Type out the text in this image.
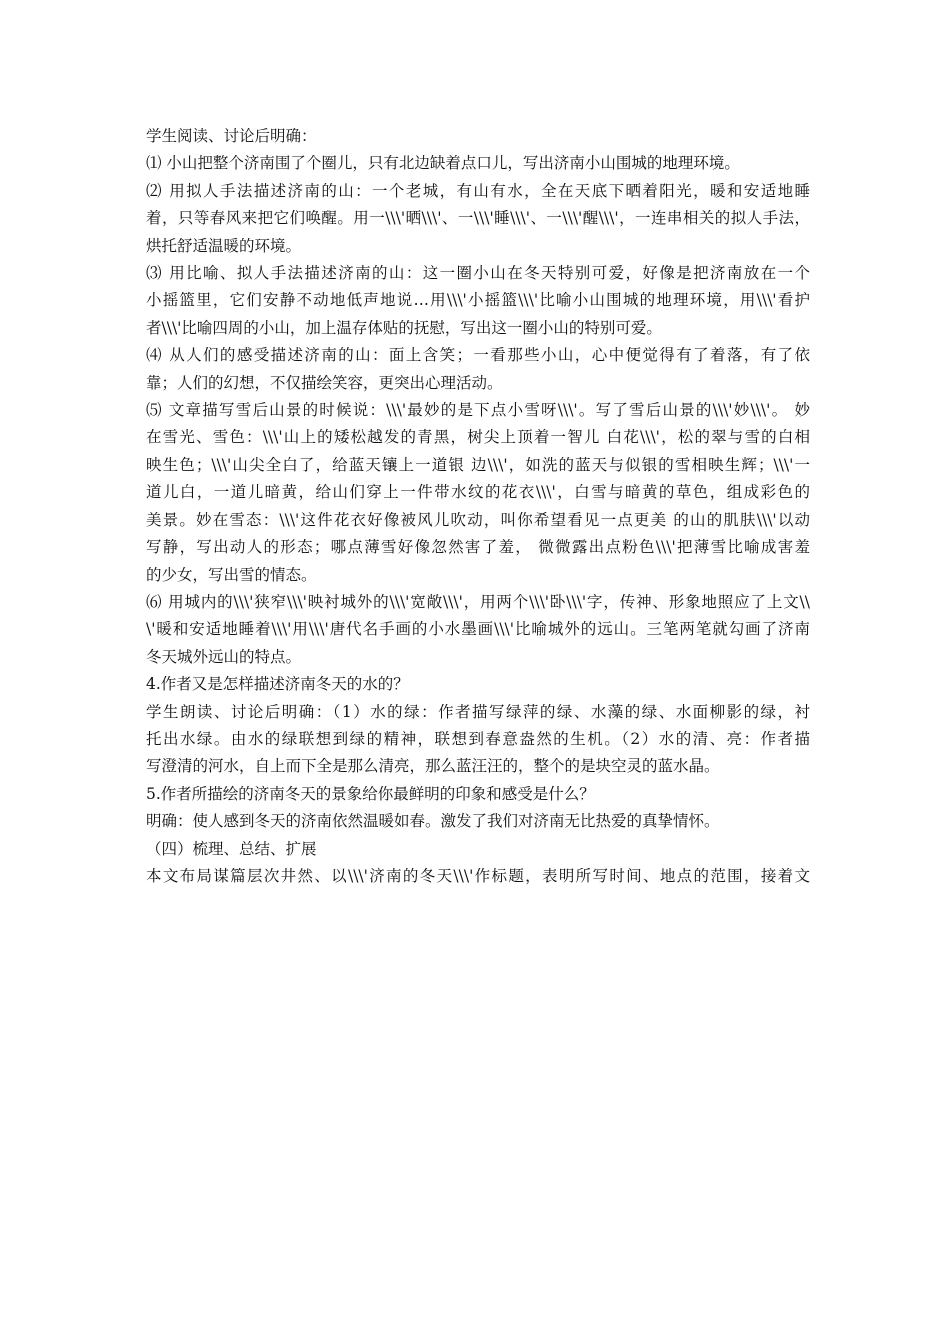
学生阅读、讨论后明确：
⑴ 小山把整个济南围了个圈儿，只有北边缺着点口儿，写出济南小山围城的地理环境。
⑵ 用拟人手法描述济南的山：一个老城，有山有水，全在天底下晒着阳光，暖和安适地睡
着，只等春风来把它们唤醒。用一\\\'晒\\\'、一\\\'睡\\\'、一\\\'醒\\\'，一连串相关的拟人手法，
烘托舒适温暖的环境。
⑶ 用比喻、拟人手法描述济南的山：这一圈小山在冬天特别可爱，好像是把济南放在一个
小摇篮里，它们安静不动地低声地说…用\\\'小摇篮\\\'比喻小山围城的地理环境，用\\\'看护
者\\\'比喻四周的小山，加上温存体贴的抚慰，写出这一圈小山的特别可爱。
⑷ 从人们的感受描述济南的山：面上含笑；一看那些小山，心中便觉得有了着落，有了依
靠；人们的幻想，不仅描绘笑容，更突出心理活动。
⑸ 文章描写雪后山景的时候说：\\\'最妙的是下点小雪呀\\\'。写了雪后山景的\\\'妙\\\'。 妙
在雪光、雪色：\\\'山上的矮松越发的青黑，树尖上顶着一智儿 白花\\\'，松的翠与雪的白相
映生色；\\\'山尖全白了，给蓝天镶上一道银 边\\\'，如洗的蓝天与似银的雪相映生辉；\\\'一
道儿白，一道儿暗黄，给山们穿上一件带水纹的花衣\\\'，白雪与暗黄的草色，组成彩色的
美景。妙在雪态：\\\'这件花衣好像被风儿吹动，叫你希望看见一点更美 的山的肌肤\\\'以动
写静，写出动人的形态；哪点薄雪好像忽然害了羞， 微微露出点粉色\\\'把薄雪比喻成害羞
的少女，写出雪的情态。
⑹ 用城内的\\\'狭窄\\\'映衬城外的\\\'宽敞\\\'，用两个\\\'卧\\\'字，传神、形象地照应了上文\\
\'暖和安适地睡着\\\'用\\\'唐代名手画的小水墨画\\\'比喻城外的远山。三笔两笔就勾画了济南
冬天城外远山的特点。
4.作者又是怎样描述济南冬天的水的？
学生朗读、讨论后明确：（1）水的绿：作者描写绿萍的绿、水藻的绿、水面柳影的绿，衬
托出水绿。由水的绿联想到绿的精神，联想到春意盎然的生机。（2）水的清、亮：作者描
写澄清的河水，自上而下全是那么清亮，那么蓝汪汪的，整个的是块空灵的蓝水晶。
5.作者所描绘的济南冬天的景象给你最鲜明的印象和感受是什么？
明确：使人感到冬天的济南依然温暖如春。激发了我们对济南无比热爱的真挚情怀。
（四）梳理、总结、扩展
本文布局谋篇层次井然、以\\\'济南的冬天\\\'作标题，表明所写时间、地点的范围，接着文
